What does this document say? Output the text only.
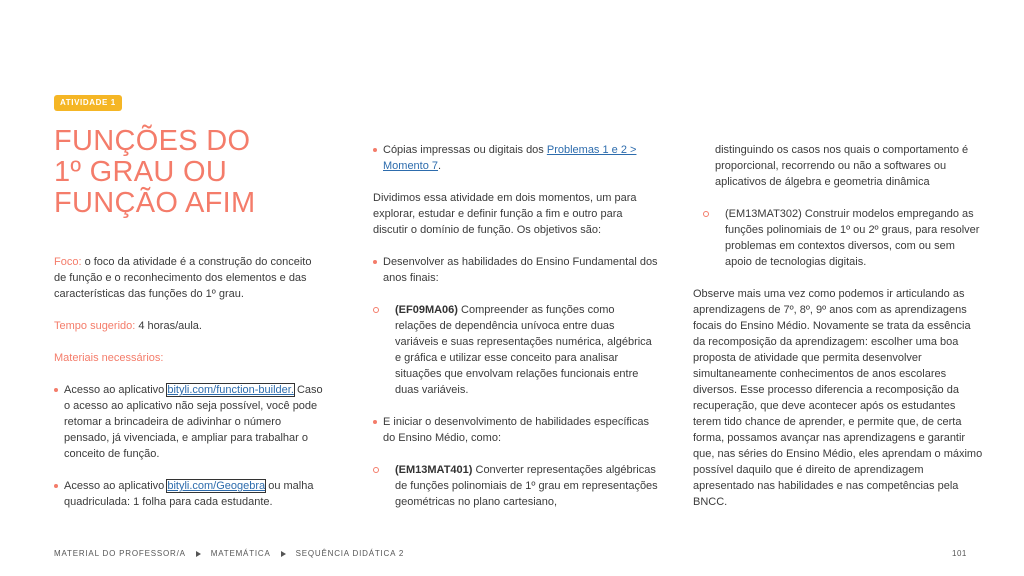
ATIVIDADE 1
FUNÇÕES DO
1º GRAU OU
FUNÇÃO AFIM

Foco: o foco da atividade é a construção do conceito de função e o reconhecimento dos elementos e das características das funções do 1º grau.

Tempo sugerido: 4 horas/aula.

Materiais necessários:

Acesso ao aplicativo bityli.com/function-builder. Caso o acesso ao aplicativo não seja possível, você pode retomar a brincadeira de adivinhar o número pensado, já vivenciada, e ampliar para trabalhar o conceito de função.

Acesso ao aplicativo bityli.com/Geogebra ou malha quadriculada: 1 folha para cada estudante.

Cópias impressas ou digitais dos Problemas 1 e 2 > Momento 7.

Dividimos essa atividade em dois momentos, um para explorar, estudar e definir função a fim e outro para discutir o domínio de função. Os objetivos são:

Desenvolver as habilidades do Ensino Fundamental dos anos finais:

(EF09MA06) Compreender as funções como relações de dependência unívoca entre duas variáveis e suas representações numérica, algébrica e gráfica e utilizar esse conceito para analisar situações que envolvam relações funcionais entre duas variáveis.

E iniciar o desenvolvimento de habilidades específicas do Ensino Médio, como:

(EM13MAT401) Converter representações algébricas de funções polinomiais de 1º grau em representações geométricas no plano cartesiano,

distinguindo os casos nos quais o comportamento é proporcional, recorrendo ou não a softwares ou aplicativos de álgebra e geometria dinâmica

(EM13MAT302) Construir modelos empregando as funções polinomiais de 1º ou 2º graus, para resolver problemas em contextos diversos, com ou sem apoio de tecnologias digitais.

Observe mais uma vez como podemos ir articulando as aprendizagens de 7º, 8º, 9º anos com as aprendizagens focais do Ensino Médio. Novamente se trata da essência da recomposição da aprendizagem: escolher uma boa proposta de atividade que permita desenvolver simultaneamente conhecimentos de anos escolares diversos. Esse processo diferencia a recomposição da recuperação, que deve acontecer após os estudantes terem tido chance de aprender, e permite que, de certa forma, possamos avançar nas aprendizagens e garantir que, nas séries do Ensino Médio, eles aprendam o máximo possível daquilo que é direito de aprendizagem apresentado nas habilidades e nas competências pela BNCC.

MATERIAL DO PROFESSOR/A	MATEMÁTICA	SEQUÊNCIA DIDÁTICA 2	101
